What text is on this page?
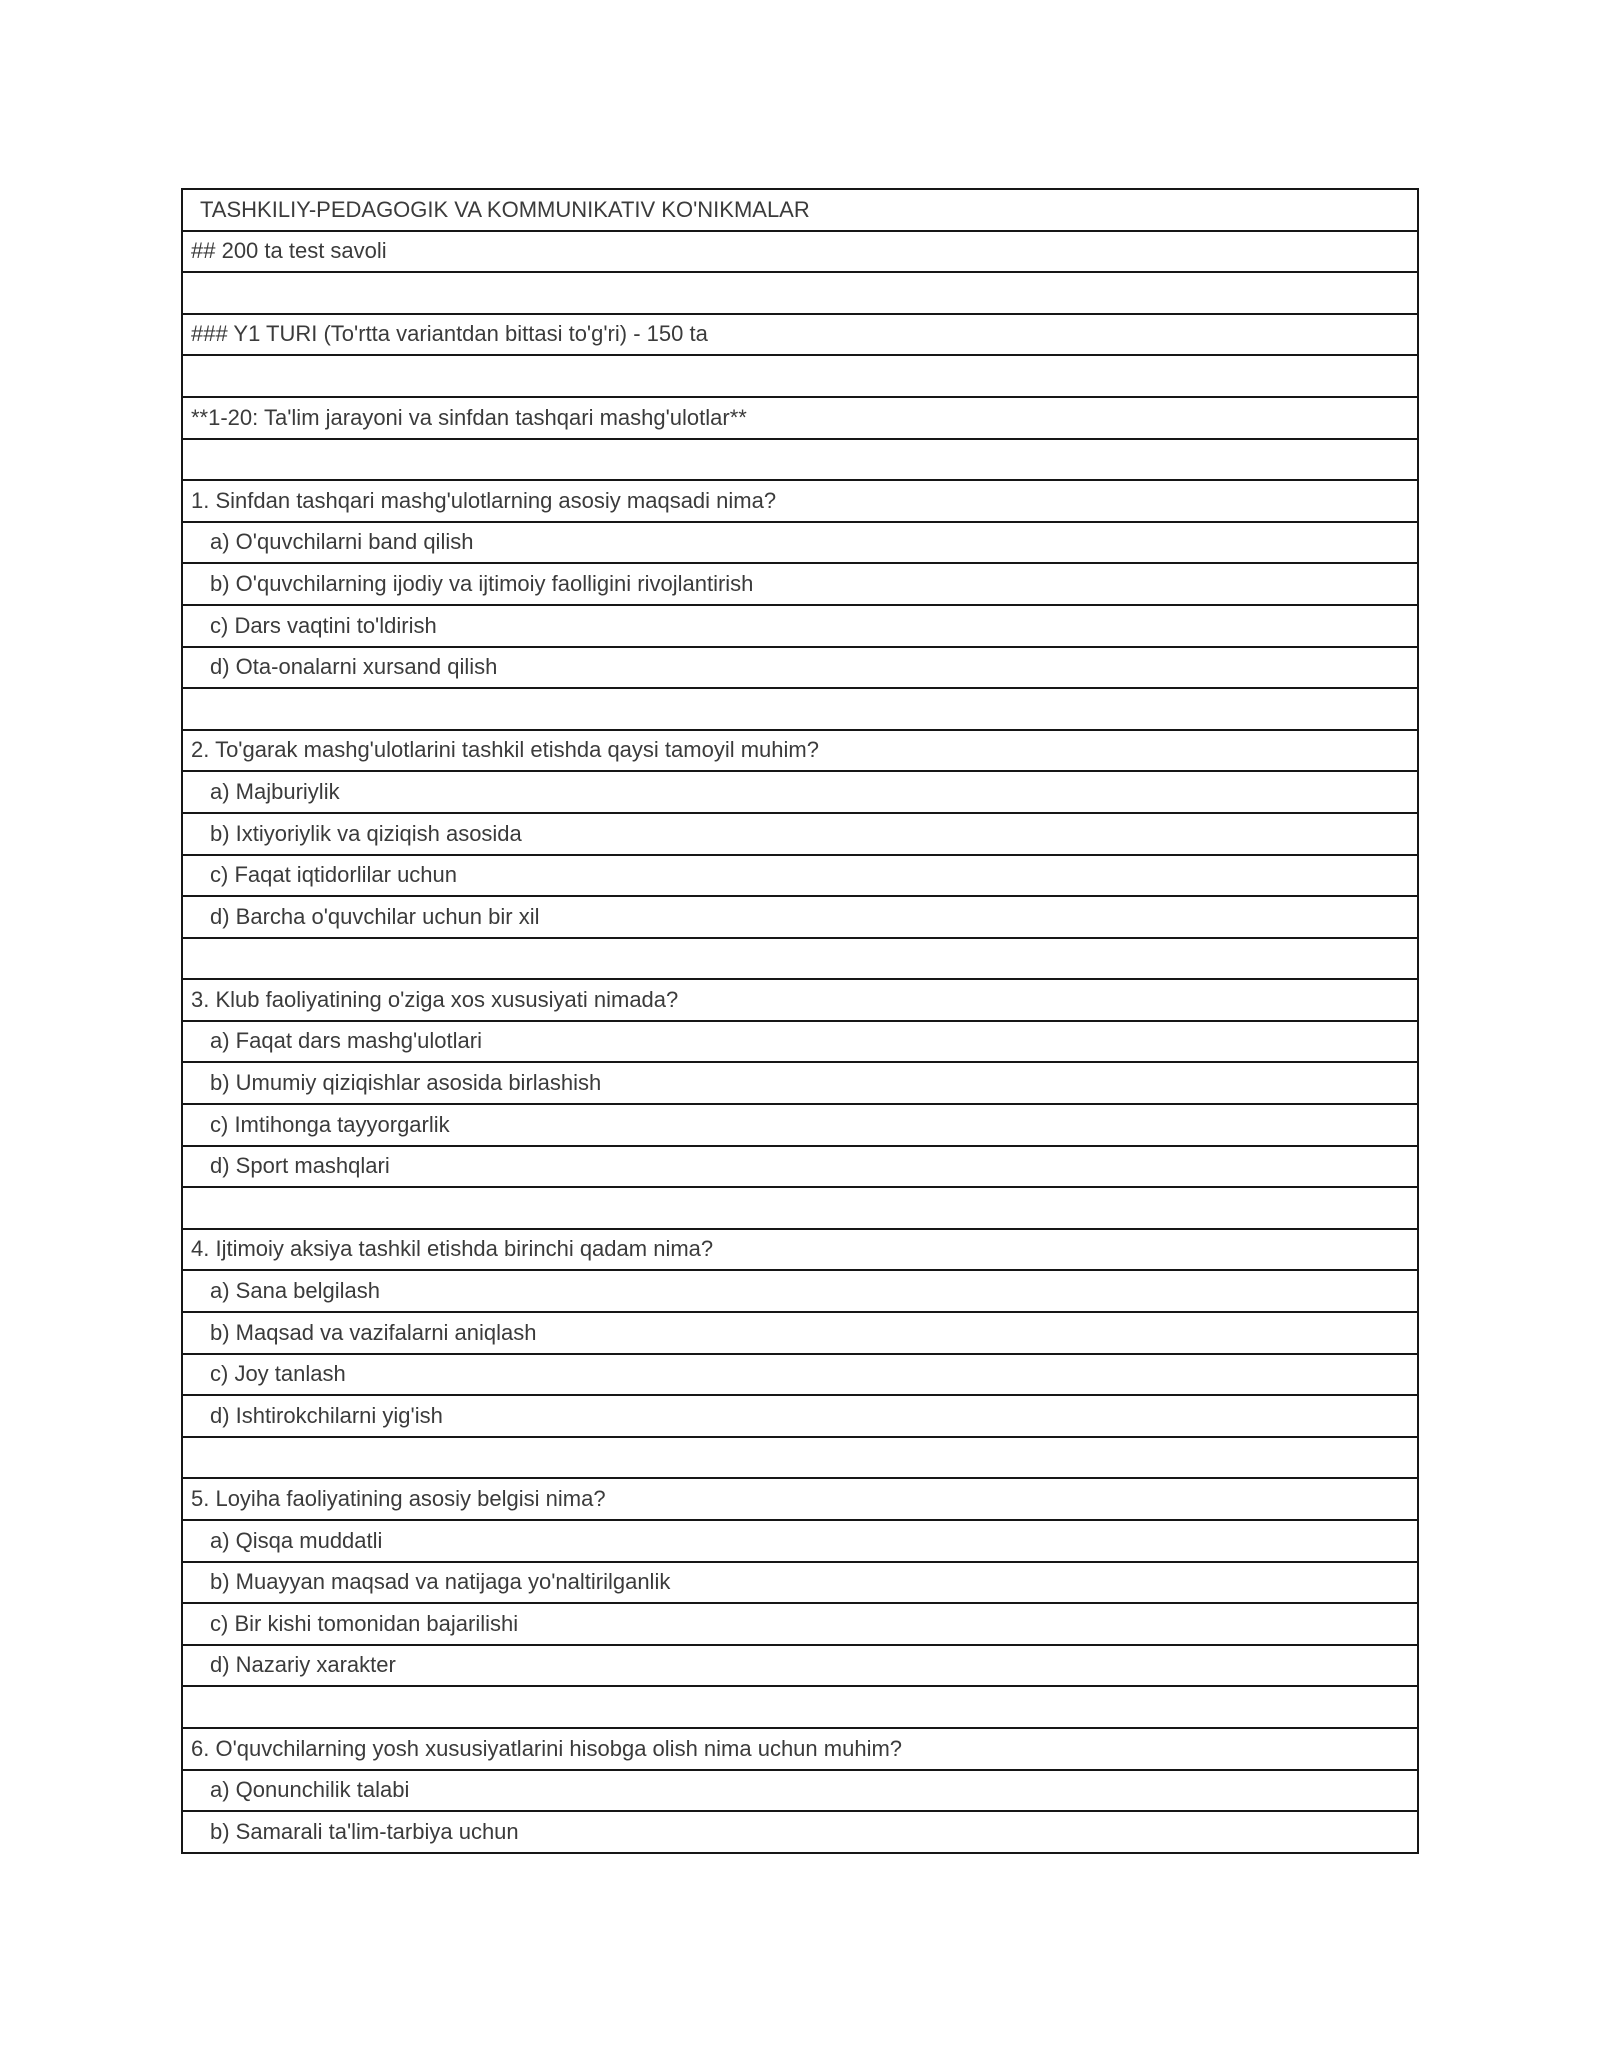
TASHKILIY-PEDAGOGIK VA KOMMUNIKATIV KO'NIKMALAR
## 200 ta test savoli
### Y1 TURI (To'rtta variantdan bittasi to'g'ri) - 150 ta
**1-20: Ta'lim jarayoni va sinfdan tashqari mashg'ulotlar**
1. Sinfdan tashqari mashg'ulotlarning asosiy maqsadi nima?
a) O'quvchilarni band qilish
b) O'quvchilarning ijodiy va ijtimoiy faolligini rivojlantirish
c) Dars vaqtini to'ldirish
d) Ota-onalarni xursand qilish
2. To'garak mashg'ulotlarini tashkil etishda qaysi tamoyil muhim?
a) Majburiylik
b) Ixtiyoriylik va qiziqish asosida
c) Faqat iqtidorlilar uchun
d) Barcha o'quvchilar uchun bir xil
3. Klub faoliyatining o'ziga xos xususiyati nimada?
a) Faqat dars mashg'ulotlari
b) Umumiy qiziqishlar asosida birlashish
c) Imtihonga tayyorgarlik
d) Sport mashqlari
4. Ijtimoiy aksiya tashkil etishda birinchi qadam nima?
a) Sana belgilash
b) Maqsad va vazifalarni aniqlash
c) Joy tanlash
d) Ishtirokchilarni yig'ish
5. Loyiha faoliyatining asosiy belgisi nima?
a) Qisqa muddatli
b) Muayyan maqsad va natijaga yo'naltirilganlik
c) Bir kishi tomonidan bajarilishi
d) Nazariy xarakter
6. O'quvchilarning yosh xususiyatlarini hisobga olish nima uchun muhim?
a) Qonunchilik talabi
b) Samarali ta'lim-tarbiya uchun
